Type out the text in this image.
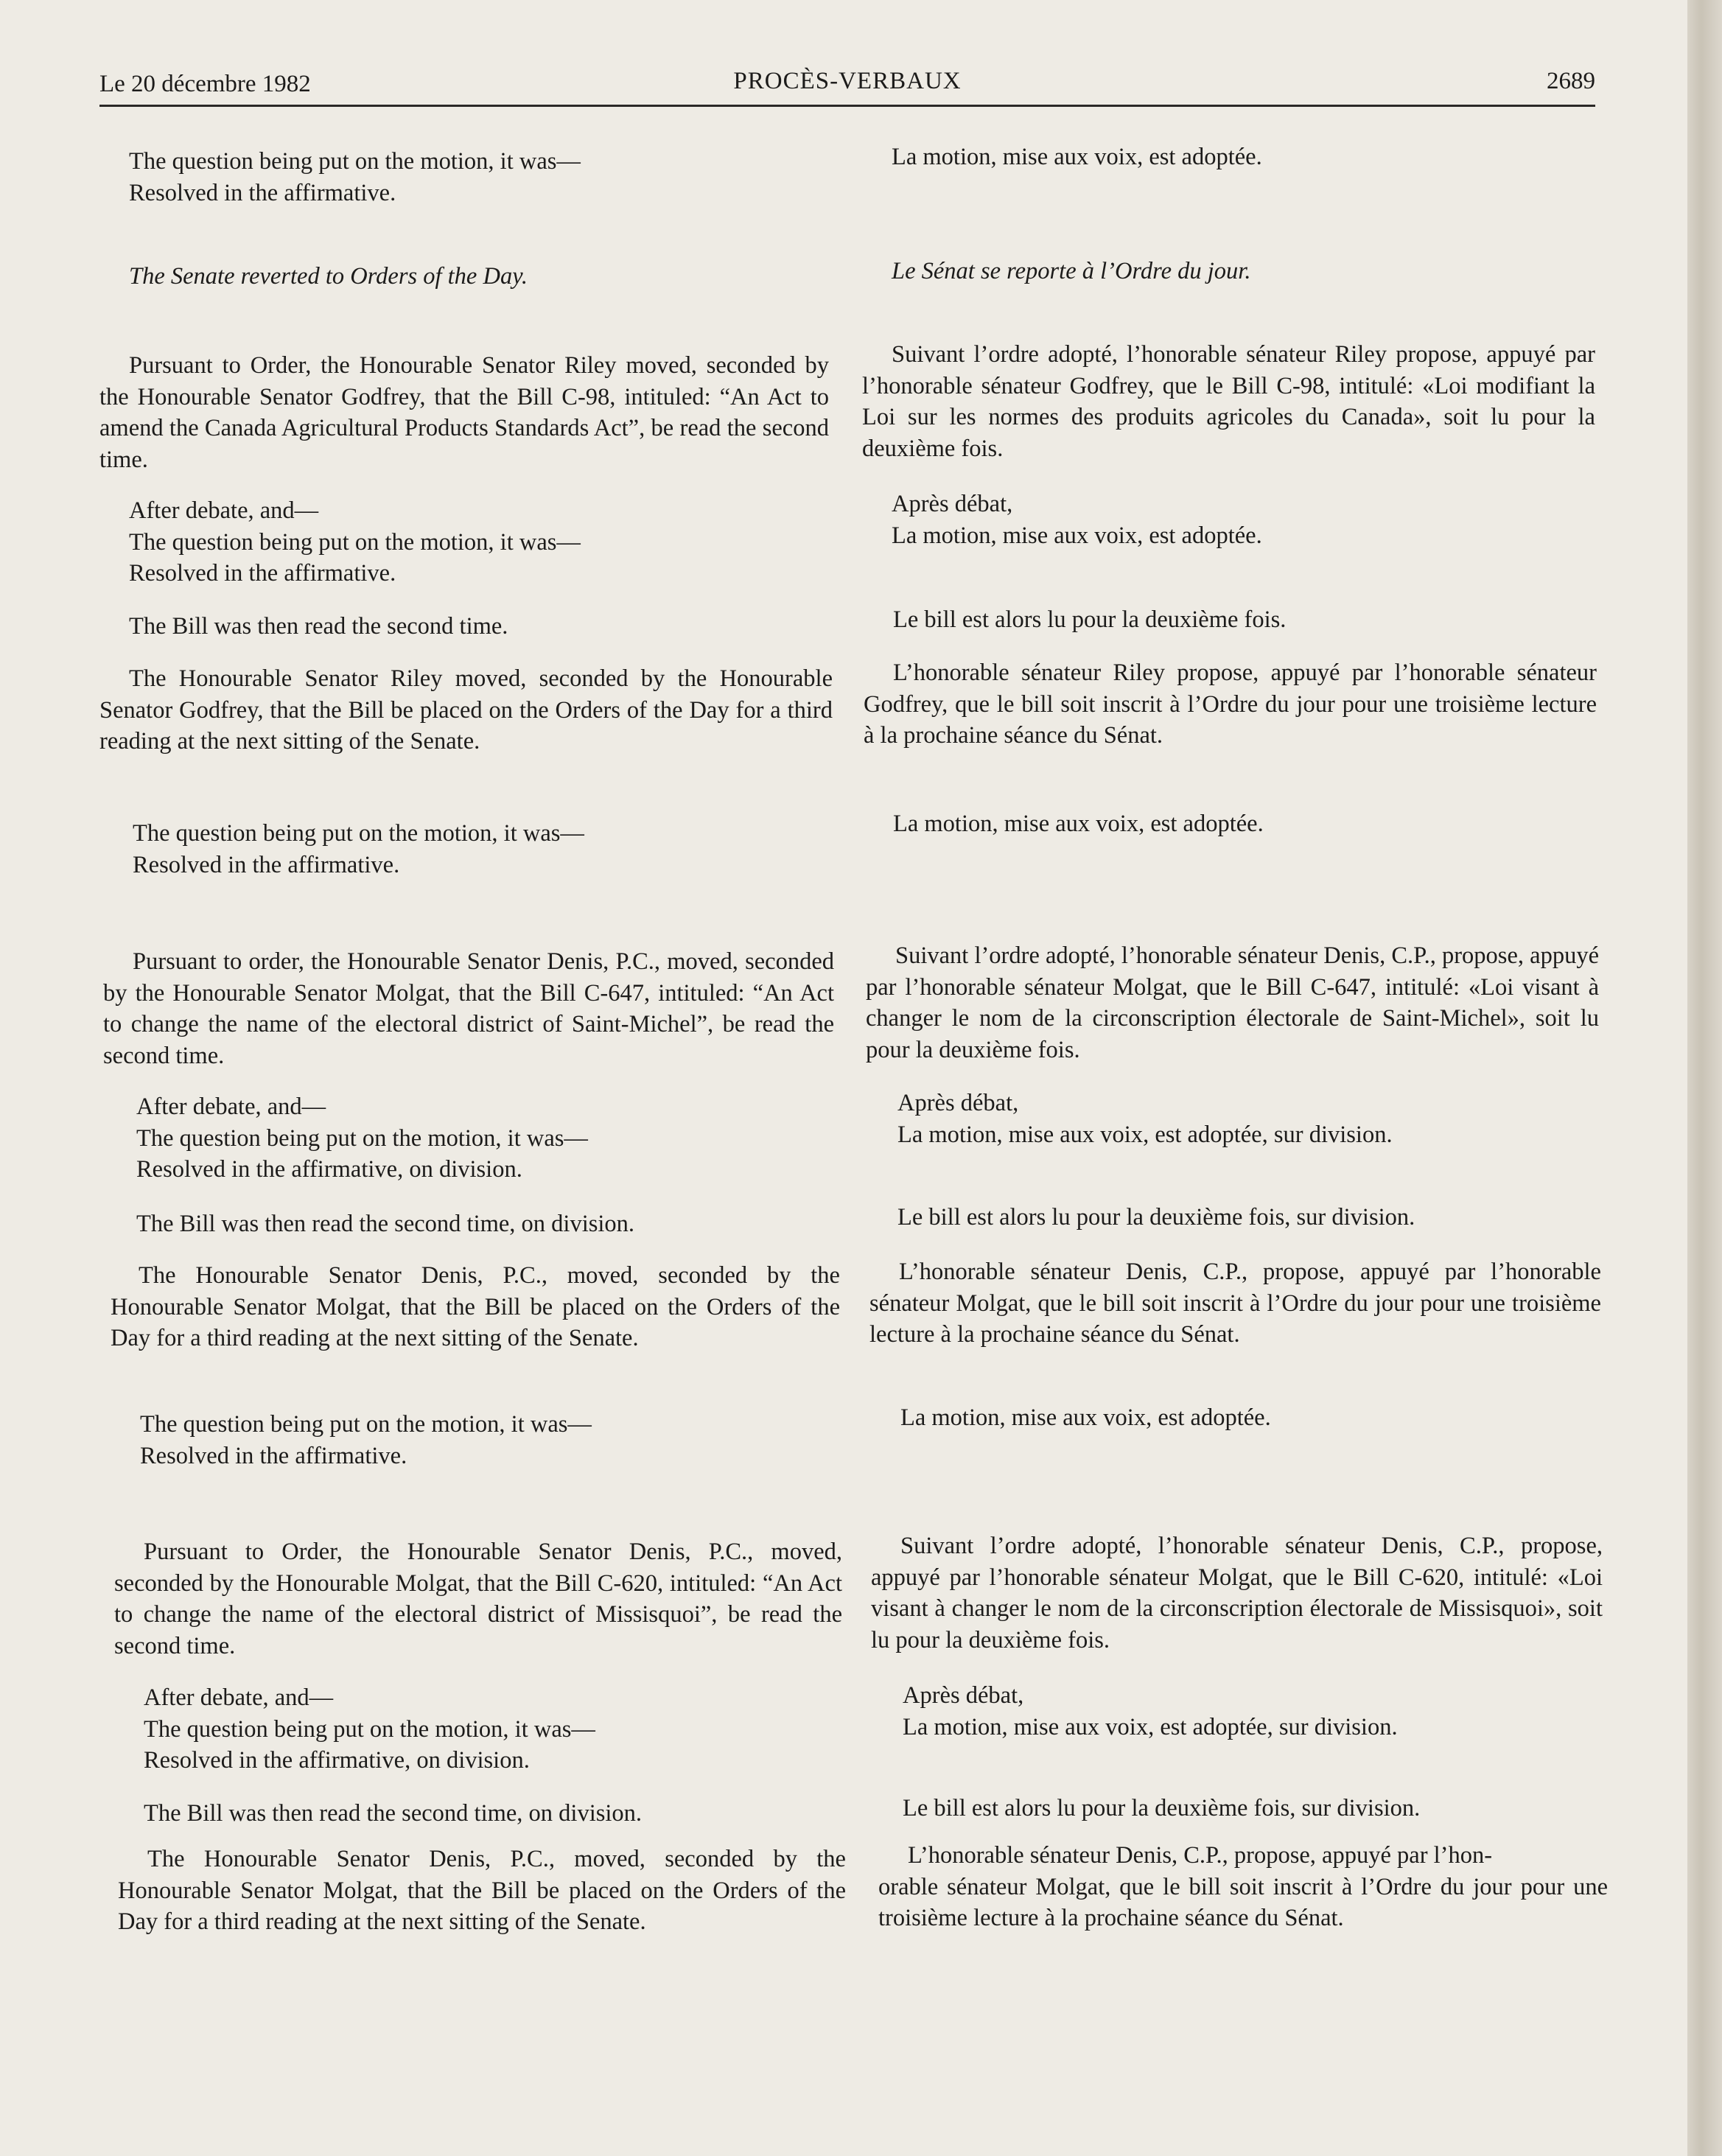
Le 20 décembre 1982	PROCÈS-VERBAUX	2689

The question being put on the motion, it was—
Resolved in the affirmative.

The Senate reverted to Orders of the Day.

Pursuant to Order, the Honourable Senator Riley moved, seconded by the Honourable Senator Godfrey, that the Bill C-98, intituled: “An Act to amend the Canada Agricultural Products Standards Act”, be read the second time.

After debate, and—
The question being put on the motion, it was—
Resolved in the affirmative.

The Bill was then read the second time.

The Honourable Senator Riley moved, seconded by the Honourable Senator Godfrey, that the Bill be placed on the Orders of the Day for a third reading at the next sitting of the Senate.

The question being put on the motion, it was—
Resolved in the affirmative.

Pursuant to order, the Honourable Senator Denis, P.C., moved, seconded by the Honourable Senator Molgat, that the Bill C-647, intituled: “An Act to change the name of the electoral district of Saint-Michel”, be read the second time.

After debate, and—
The question being put on the motion, it was—
Resolved in the affirmative, on division.

The Bill was then read the second time, on division.

The Honourable Senator Denis, P.C., moved, seconded by the Honourable Senator Molgat, that the Bill be placed on the Orders of the Day for a third reading at the next sitting of the Senate.

The question being put on the motion, it was—
Resolved in the affirmative.

Pursuant to Order, the Honourable Senator Denis, P.C., moved, seconded by the Honourable Molgat, that the Bill C-620, intituled: “An Act to change the name of the electoral district of Missisquoi”, be read the second time.

After debate, and—
The question being put on the motion, it was—
Resolved in the affirmative, on division.

The Bill was then read the second time, on division.

The Honourable Senator Denis, P.C., moved, seconded by the Honourable Senator Molgat, that the Bill be placed on the Orders of the Day for a third reading at the next sitting of the Senate.

La motion, mise aux voix, est adoptée.

Le Sénat se reporte à l’Ordre du jour.

Suivant l’ordre adopté, l’honorable sénateur Riley propose, appuyé par l’honorable sénateur Godfrey, que le Bill C-98, intitulé: «Loi modifiant la Loi sur les normes des produits agricoles du Canada», soit lu pour la deuxième fois.

Après débat,
La motion, mise aux voix, est adoptée.

Le bill est alors lu pour la deuxième fois.

L’honorable sénateur Riley propose, appuyé par l’honorable sénateur Godfrey, que le bill soit inscrit à l’Ordre du jour pour une troisième lecture à la prochaine séance du Sénat.

La motion, mise aux voix, est adoptée.

Suivant l’ordre adopté, l’honorable sénateur Denis, C.P., propose, appuyé par l’honorable sénateur Molgat, que le Bill C-647, intitulé: «Loi visant à changer le nom de la circonscription électorale de Saint-Michel», soit lu pour la deuxième fois.

Après débat,
La motion, mise aux voix, est adoptée, sur division.

Le bill est alors lu pour la deuxième fois, sur division.

L’honorable sénateur Denis, C.P., propose, appuyé par l’honorable sénateur Molgat, que le bill soit inscrit à l’Ordre du jour pour une troisième lecture à la prochaine séance du Sénat.

La motion, mise aux voix, est adoptée.

Suivant l’ordre adopté, l’honorable sénateur Denis, C.P., propose, appuyé par l’honorable sénateur Molgat, que le Bill C-620, intitulé: «Loi visant à changer le nom de la circonscription électorale de Missisquoi», soit lu pour la deuxième fois.

Après débat,
La motion, mise aux voix, est adoptée, sur division.

Le bill est alors lu pour la deuxième fois, sur division.

L’honorable sénateur Denis, C.P., propose, appuyé par l’hon-
orable sénateur Molgat, que le bill soit inscrit à l’Ordre du jour pour une troisième lecture à la prochaine séance du Sénat.
